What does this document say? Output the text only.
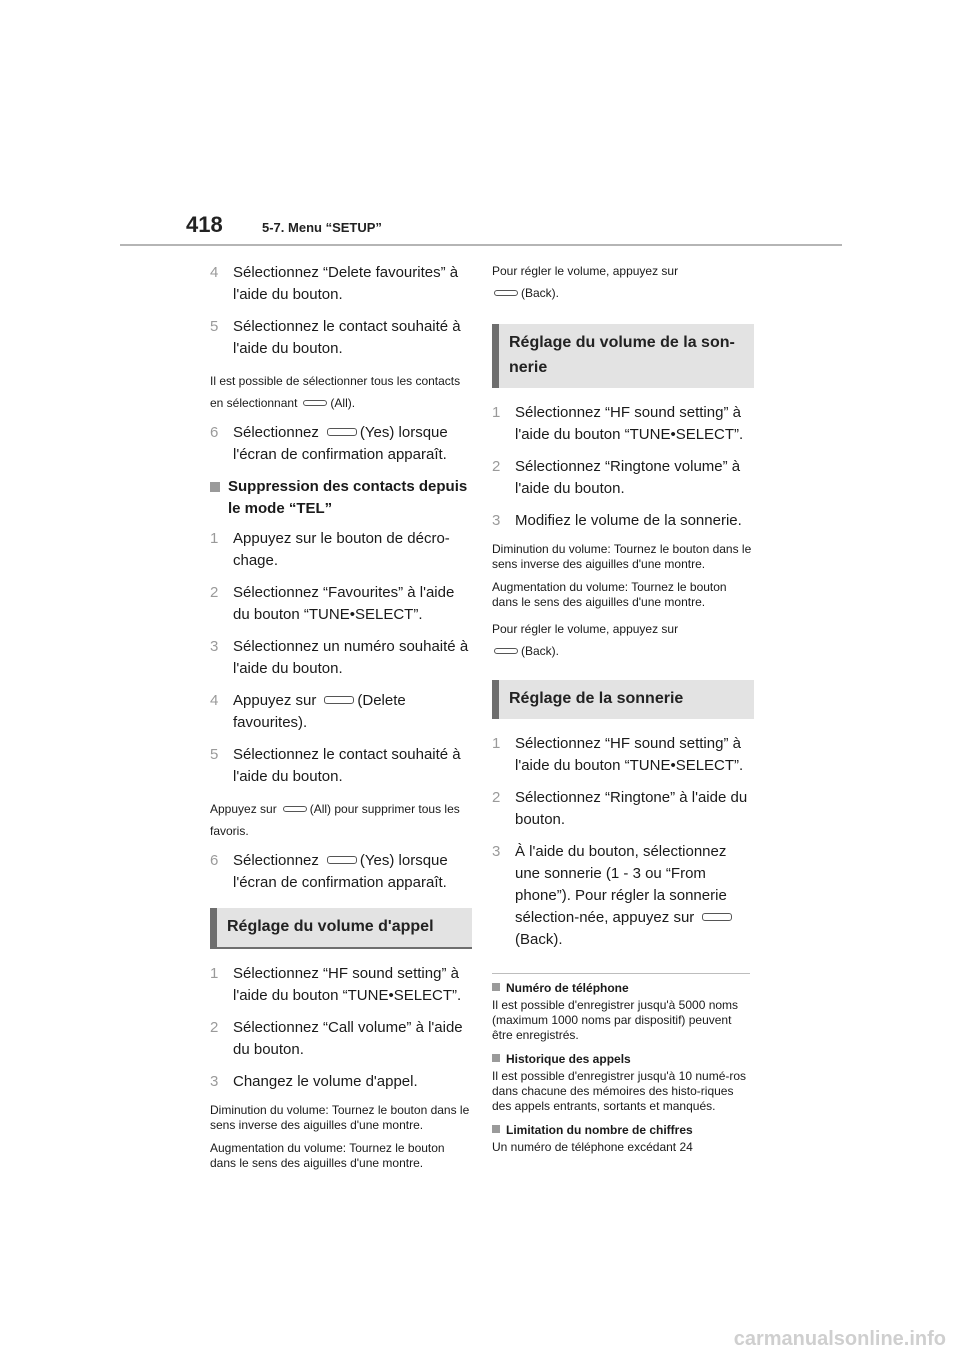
418	5-7. Menu “SETUP”
4 Sélectionnez “Delete favourites” à l'aide du bouton.
5 Sélectionnez le contact souhaité à l'aide du bouton.
Il est possible de sélectionner tous les contacts en sélectionnant	(All).
6 Sélectionnez	(Yes) lorsque l'écran de confirmation apparaît.
Suppression des contacts depuis le mode “TEL”
1 Appuyez sur le bouton de décro-chage.
2 Sélectionnez “Favourites” à l'aide du bouton “TUNE•SELECT”.
3 Sélectionnez un numéro souhaité à l'aide du bouton.
4 Appuyez sur	(Delete favourites).
5 Sélectionnez le contact souhaité à l'aide du bouton.
Appuyez sur	(All) pour supprimer tous les favoris.
6 Sélectionnez	(Yes) lorsque l'écran de confirmation apparaît.
Réglage du volume d'appel
1 Sélectionnez “HF sound setting” à l'aide du bouton “TUNE•SELECT”.
2 Sélectionnez “Call volume” à l'aide du bouton.
3 Changez le volume d'appel.
Diminution du volume: Tournez le bouton dans le sens inverse des aiguilles d'une montre.
Augmentation du volume: Tournez le bouton dans le sens des aiguilles d'une montre.
Pour régler le volume, appuyez sur
(Back).
Réglage du volume de la son-nerie
1 Sélectionnez “HF sound setting” à l'aide du bouton “TUNE•SELECT”.
2 Sélectionnez “Ringtone volume” à l'aide du bouton.
3 Modifiez le volume de la sonnerie.
Diminution du volume: Tournez le bouton dans le sens inverse des aiguilles d'une montre.
Augmentation du volume: Tournez le bouton dans le sens des aiguilles d'une montre.
Pour régler le volume, appuyez sur
(Back).
Réglage de la sonnerie
1 Sélectionnez “HF sound setting” à l'aide du bouton “TUNE•SELECT”.
2 Sélectionnez “Ringtone” à l'aide du bouton.
3 À l'aide du bouton, sélectionnez une sonnerie (1 - 3 ou “From phone”). Pour régler la sonnerie sélection-née, appuyez sur(Back).
Numéro de téléphone
Il est possible d'enregistrer jusqu'à 5000 noms (maximum 1000 noms par dispositif) peuvent être enregistrés.
Historique des appels
Il est possible d'enregistrer jusqu'à 10 numé-ros dans chacune des mémoires des histo-riques des appels entrants, sortants et manqués.
Limitation du nombre de chiffres
Un numéro de téléphone excédant 24
carmanualsonline.info
